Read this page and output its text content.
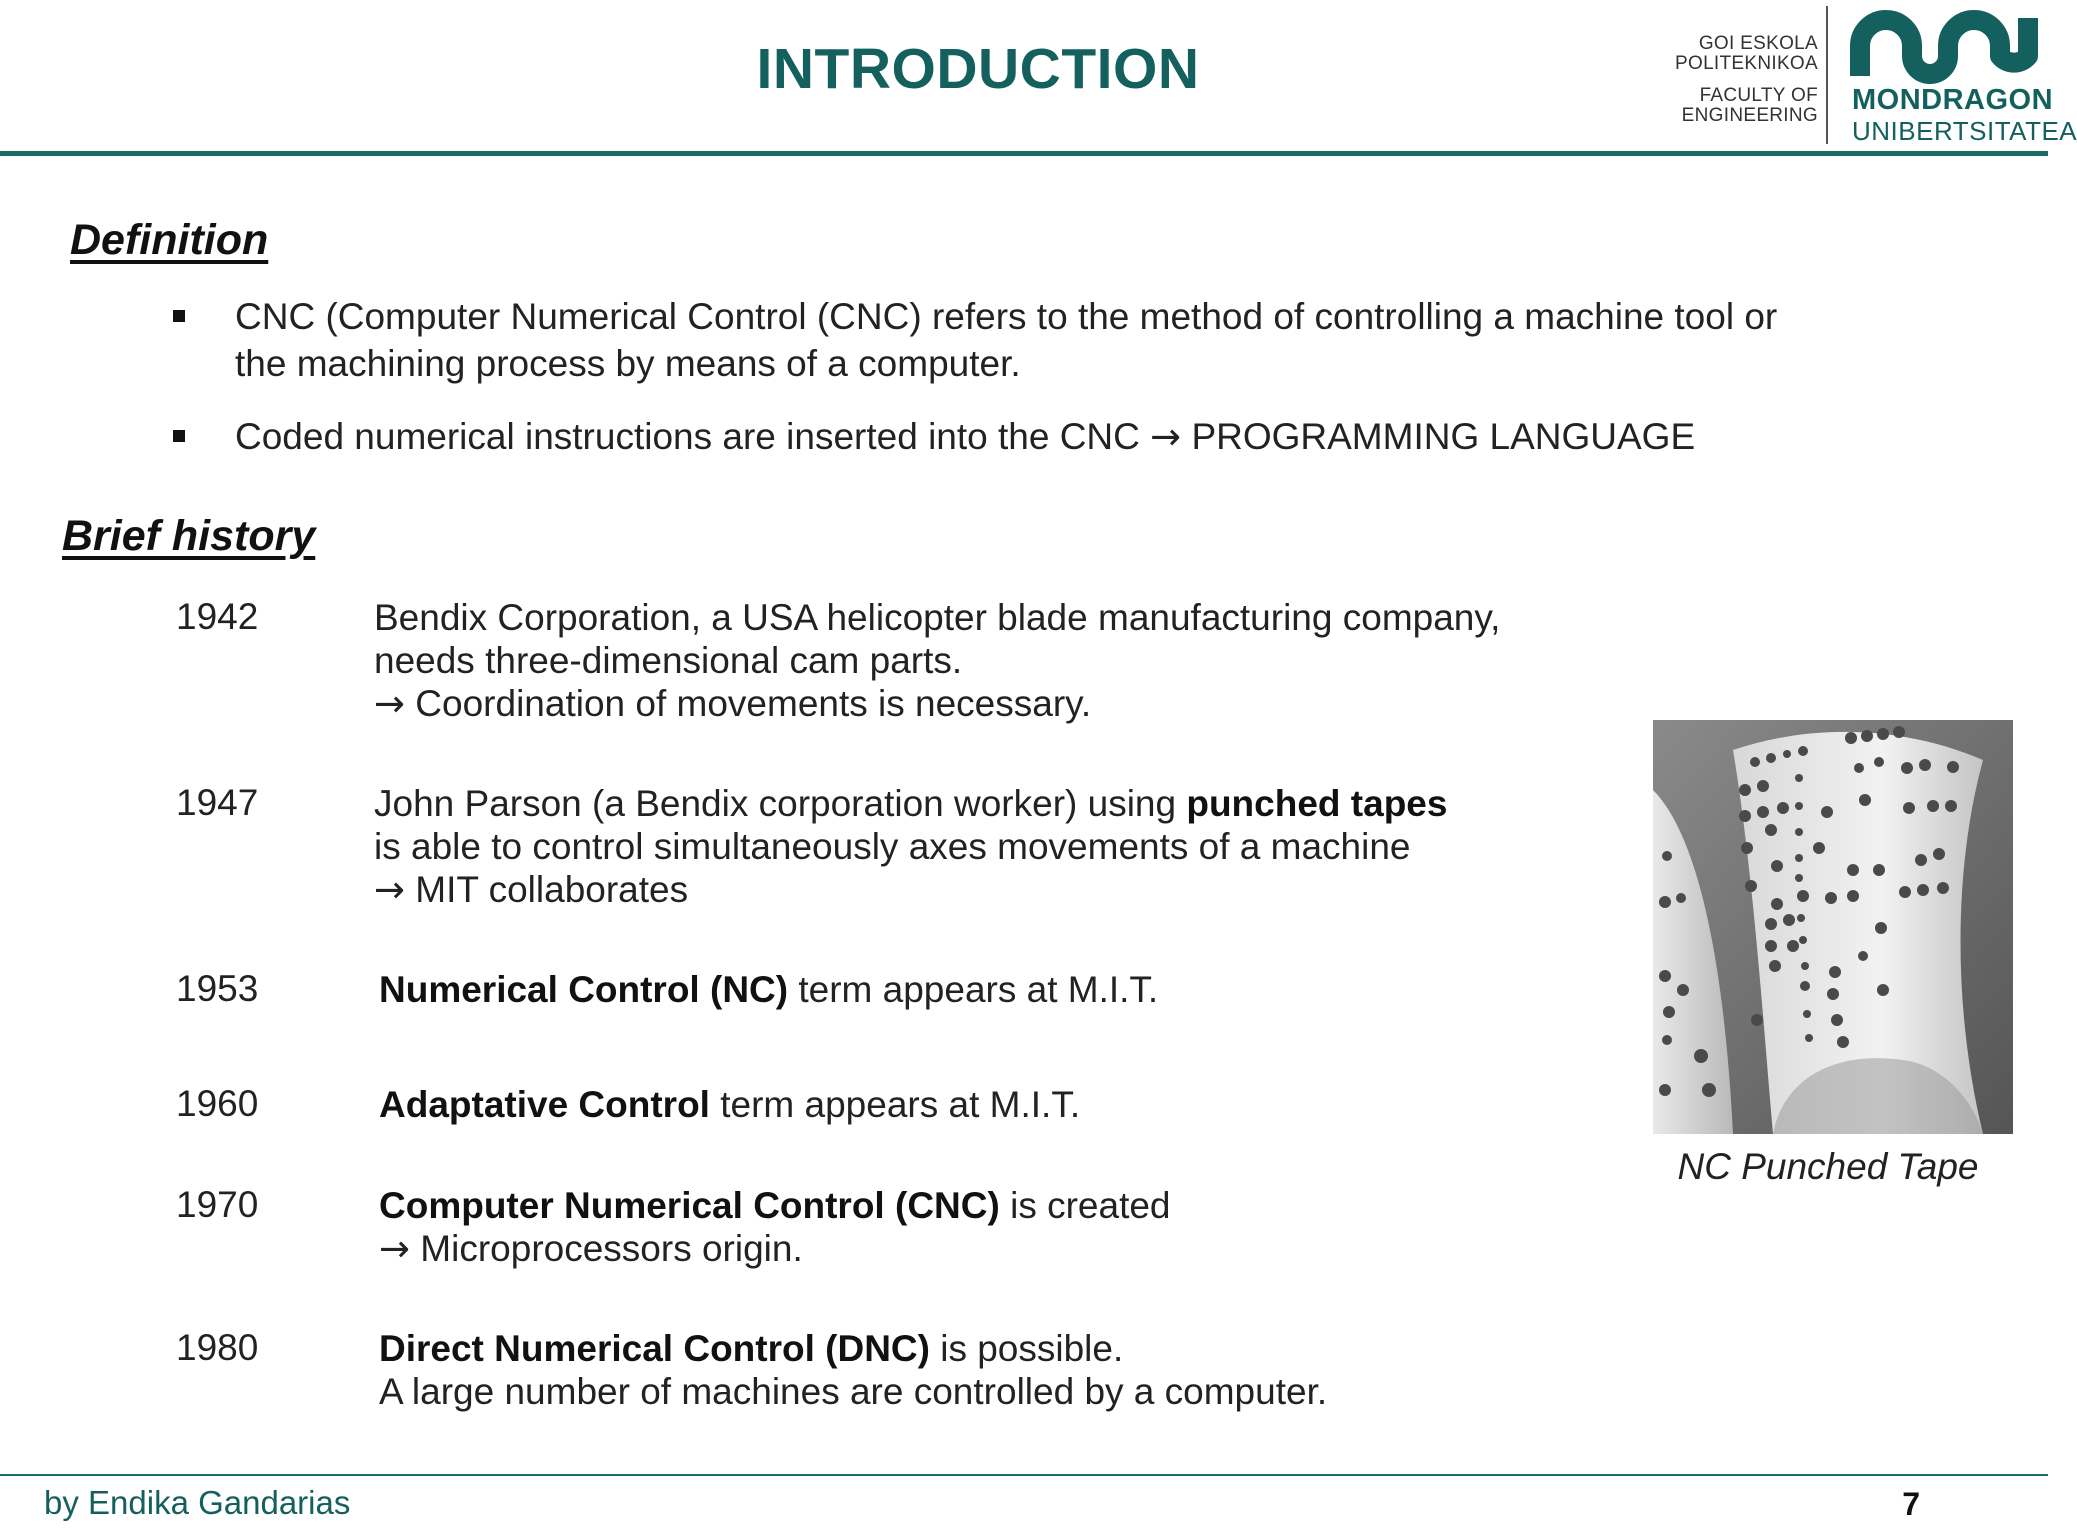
INTRODUCTION	GOI ESKOLA
POLITEKNIKOA
FACULTY OF
ENGINEERING MONDRAGON
UNIBERTSITATEA
Definition
CNC (Computer Numerical Control (CNC) refers to the method of controlling a machine tool or
the machining process by means of a computer.
Coded numerical instructions are inserted into the CNC → PROGRAMMING LANGUAGE
Brief history
1942	Bendix Corporation, a USA helicopter blade manufacturing company,
needs three-dimensional cam parts.
→ Coordination of movements is necessary.
1947	John Parson (a Bendix corporation worker) using punched tapes
is able to control simultaneously axes movements of a machine
→ MIT collaborates
1953	Numerical Control (NC) term appears at M.I.T.
1960	Adaptative Control term appears at M.I.T.
1970	Computer Numerical Control (CNC) is created
→ Microprocessors origin.
1980	Direct Numerical Control (DNC) is possible.
A large number of machines are controlled by a computer.
NC Punched Tape
by Endika Gandarias	7
